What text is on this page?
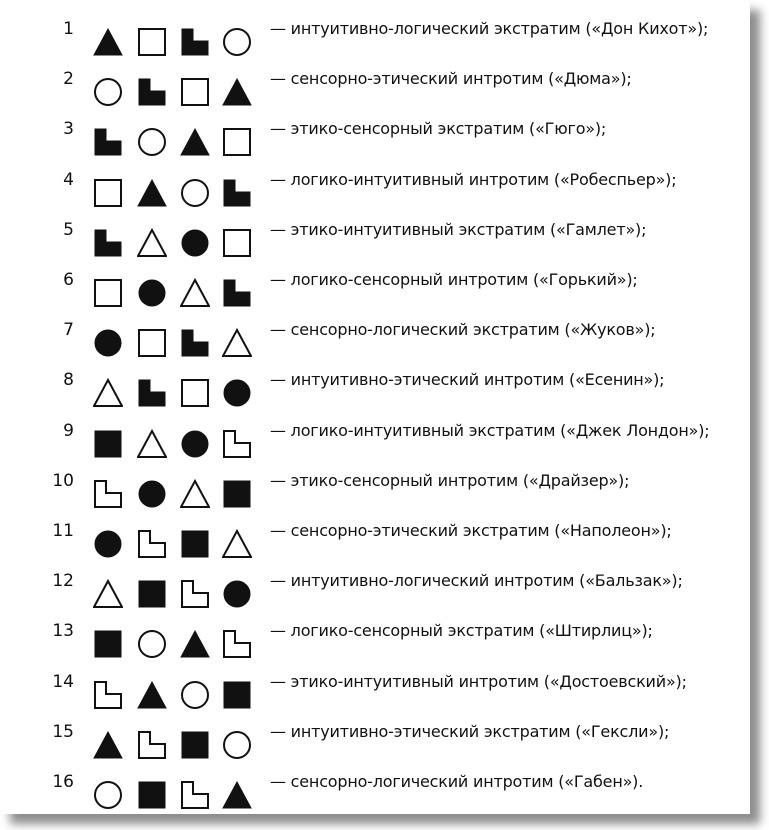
1	— интуитивно-логический экстратим («Дон Кихот»);
2	— сенсорно-этический интротим («Дюма»);
3	— этико-сенсорный экстратим («Гюго»);
4	— логико-интуитивный интротим («Робеспьер»);
5	— этико-интуитивный экстратим («Гамлет»);
6	— логико-сенсорный интротим («Горький»);
7	— сенсорно-логический экстратим («Жуков»);
8	— интуитивно-этический интротим («Есенин»);
9	— логико-интуитивный экстратим («Джек Лондон»);
10	— этико-сенсорный интротим («Драйзер»);
11	— сенсорно-этический экстратим («Наполеон»);
12	— интуитивно-логический интротим («Бальзак»);
13	— логико-сенсорный экстратим («Штирлиц»);
14	— этико-интуитивный интротим («Достоевский»);
15	— интуитивно-этический экстратим («Гексли»);
16	— сенсорно-логический интротим («Габен»).
